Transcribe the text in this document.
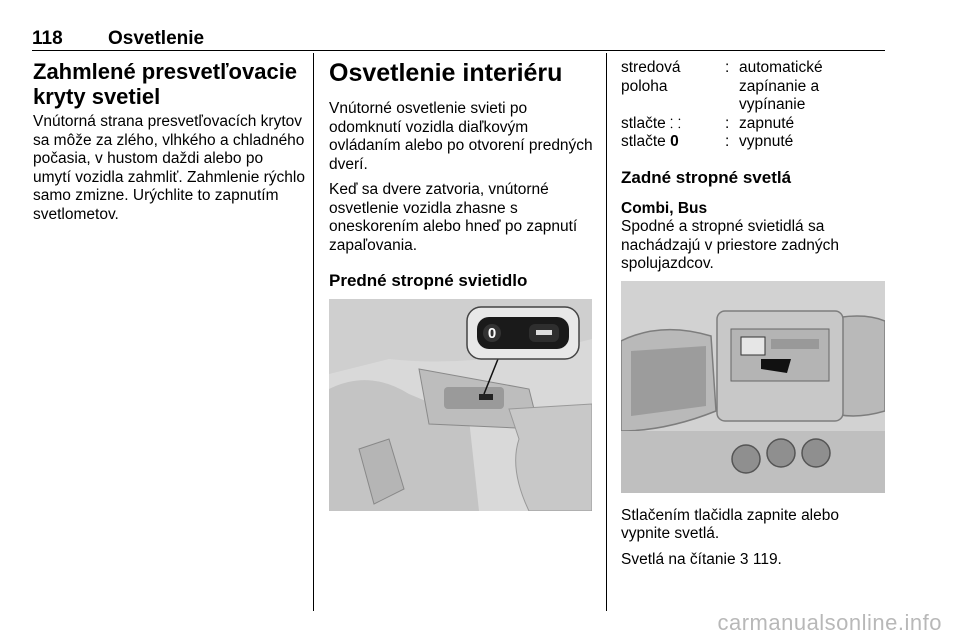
118 Osvetlenie
Zahmlené presvetľovacie kryty svetiel

Vnútorná strana presvetľovacích krytov sa môže za zlého, vlhkého a chladného počasia, v hustom daždi alebo po umytí vozidla zahmliť. Zahmlenie rýchlo samo zmizne. Urýchlite to zapnutím svetlometov.

Osvetlenie interiéru

Vnútorné osvetlenie svieti po odomknutí vozidla diaľkovým ovládaním alebo po otvorení predných dverí.

Keď sa dvere zatvoria, vnútorné osvetlenie vozidla zhasne s oneskorením alebo hneď po zapnutí zapaľovania.

Predné stropné svietidlo
0
stredová poloha
: automatické zapínanie a vypínanie
stlačte ⸬	: zapnuté
stlačte 0	: vypnuté
Zadné stropné svetlá
Combi, Bus

Spodné a stropné svietidlá sa nachádzajú v priestore zadných spolujazdcov.

Stlačením tlačidla zapnite alebo vypnite svetlá.

Svetlá na čítanie 3 119.

carmanualsonline.info
